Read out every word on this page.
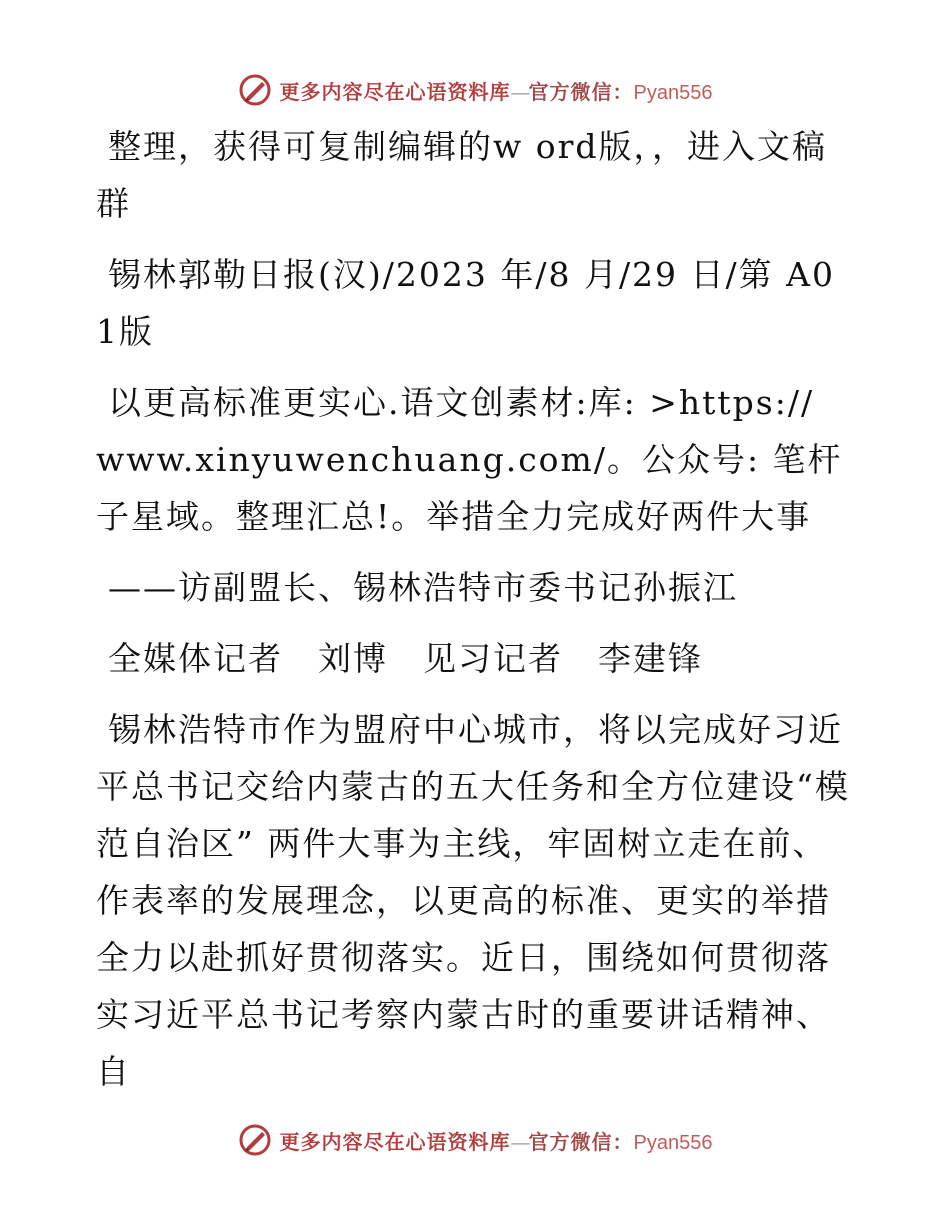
更多内容尽在心语资料库—官方微信：Pyan556

整理，获得可复制编辑的w ord版，，进入文稿群

锡林郭勒日报(汉)/2023 年/8 月/29 日/第 A01版

以更高标准更实心.语文创素材:库: >https:// www.xinyuwenchuang.com/。公众号: 笔杆子星域。整理汇总!。举措全力完成好两件大事

——访副盟长、锡林浩特市委书记孙振江

全媒体记者　刘博　见习记者　李建锋

锡林浩特市作为盟府中心城市，将以完成好习近平总书记交给内蒙古的五大任务和全方位建设“模范自治区” 两件大事为主线，牢固树立走在前、作表率的发展理念，以更高的标准、更实的举措全力以赴抓好贯彻落实。近日，围绕如何贯彻落实习近平总书记考察内蒙古时的重要讲话精神、自

更多内容尽在心语资料库—官方微信：Pyan556
